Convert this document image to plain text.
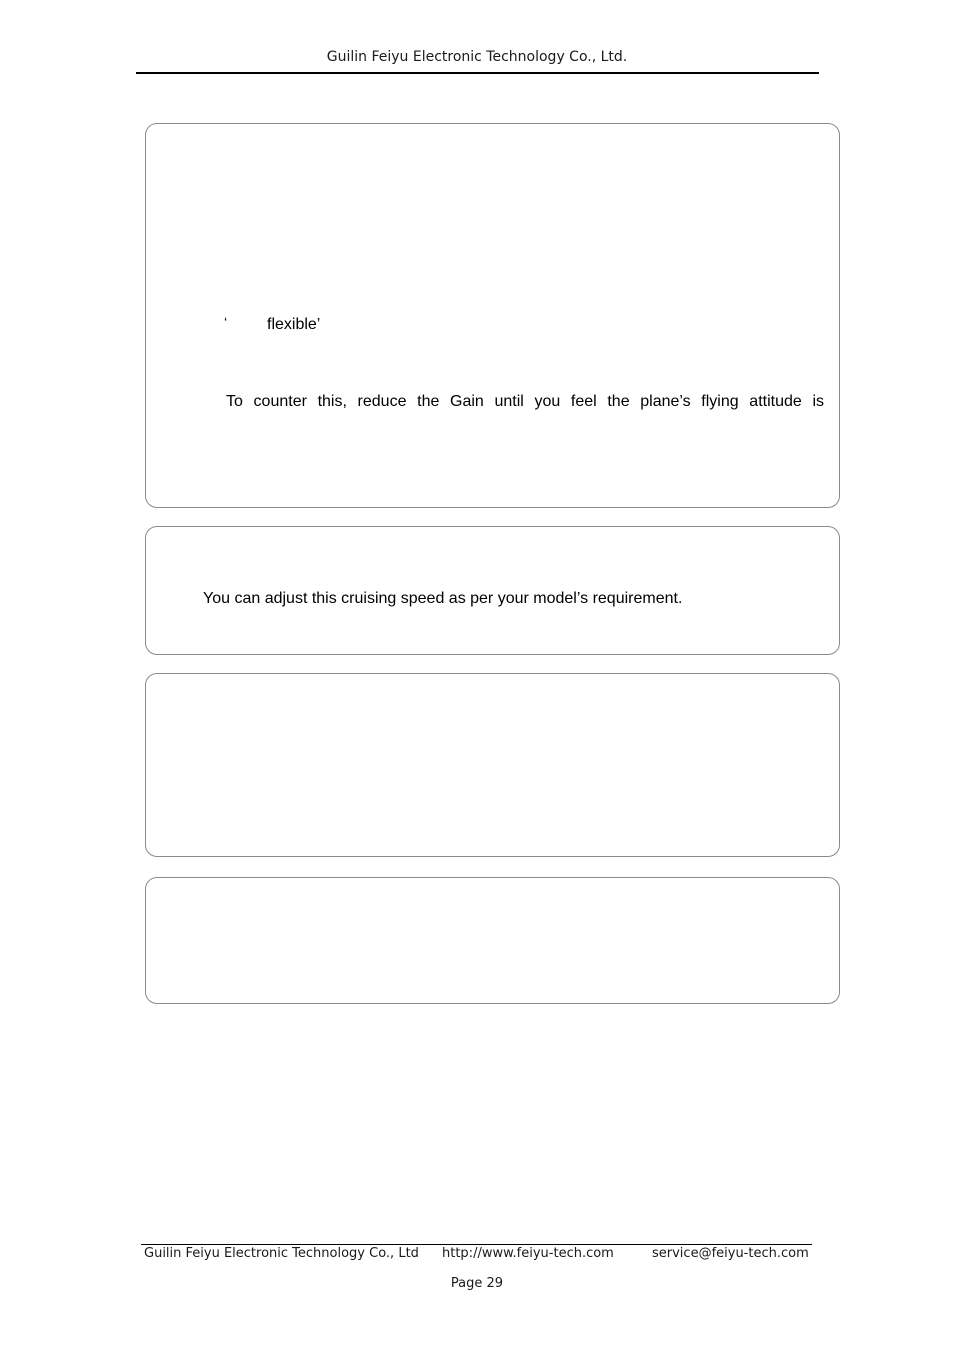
Guilin Feiyu Electronic Technology Co., Ltd.
‘ flexible’
To counter this, reduce the Gain until you feel the plane’s flying attitude is
You can adjust this cruising speed as per your model’s requirement.
Guilin Feiyu Electronic Technology Co., Ltd http://www.feiyu-tech.com	service@feiyu-tech.com
Page 29
